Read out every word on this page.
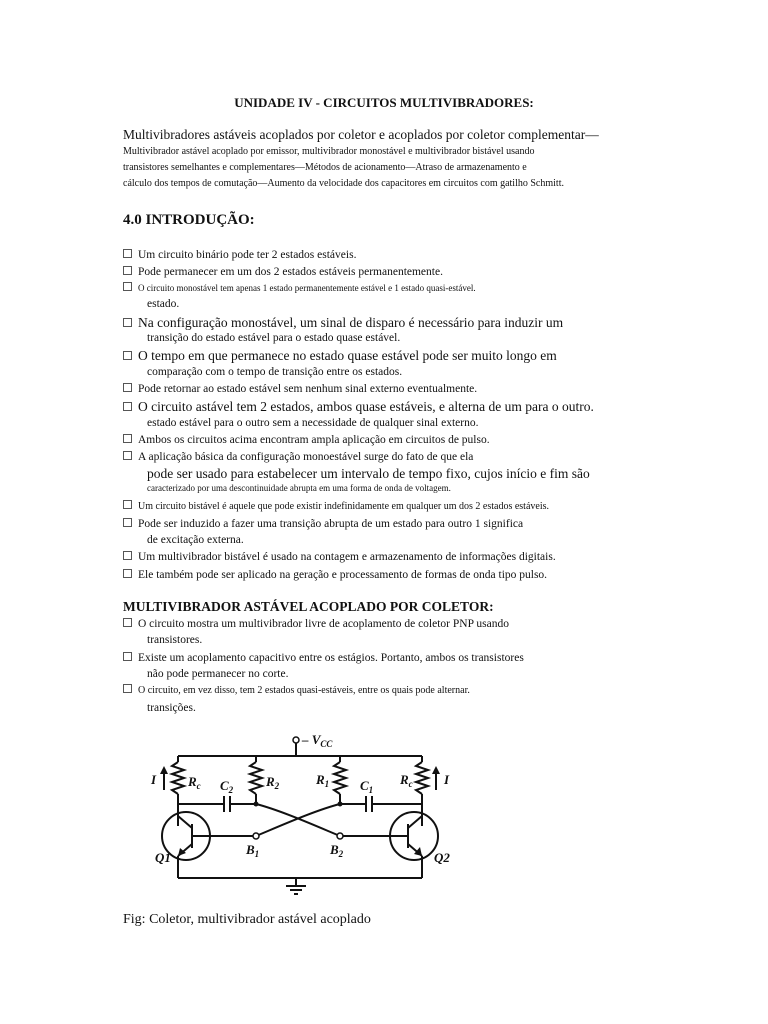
UNIDADE IV - CIRCUITOS MULTIVIBRADORES:
Multivibradores astáveis acoplados por coletor e acoplados por coletor complementar—
Multivibrador astável acoplado por emissor, multivibrador monostável e multivibrador bistável usando
transistores semelhantes e complementares—Métodos de acionamento—Atraso de armazenamento e
cálculo dos tempos de comutação—Aumento da velocidade dos capacitores em circuitos com gatilho Schmitt.
4.0 INTRODUÇÃO:
Um circuito binário pode ter 2 estados estáveis.
Pode permanecer em um dos 2 estados estáveis permanentemente.
O circuito monostável tem apenas 1 estado permanentemente estável e 1 estado quasi-estável.
estado.
Na configuração monostável, um sinal de disparo é necessário para induzir um
transição do estado estável para o estado quase estável.
O tempo em que permanece no estado quase estável pode ser muito longo em
comparação com o tempo de transição entre os estados.
Pode retornar ao estado estável sem nenhum sinal externo eventualmente.
O circuito astável tem 2 estados, ambos quase estáveis, e alterna de um para o outro.
estado estável para o outro sem a necessidade de qualquer sinal externo.
Ambos os circuitos acima encontram ampla aplicação em circuitos de pulso.
A aplicação básica da configuração monoestável surge do fato de que ela
pode ser usado para estabelecer um intervalo de tempo fixo, cujos início e fim são
caracterizado por uma descontinuidade abrupta em uma forma de onda de voltagem.
Um circuito bistável é aquele que pode existir indefinidamente em qualquer um dos 2 estados estáveis.
Pode ser induzido a fazer uma transição abrupta de um estado para outro 1 significa
de excitação externa.
Um multivibrador bistável é usado na contagem e armazenamento de informações digitais.
Ele também pode ser aplicado na geração e processamento de formas de onda tipo pulso.
MULTIVIBRADOR ASTÁVEL ACOPLADO POR COLETOR:
O circuito mostra um multivibrador livre de acoplamento de coletor PNP usando
transistores.
Existe um acoplamento capacitivo entre os estágios. Portanto, ambos os transistores
não pode permanecer no corte.
O circuito, em vez disso, tem 2 estados quasi-estáveis, entre os quais pode alternar.
transições.
– $V_{CC}$
I	I
$R_c$ $C_2$
$R_2$	$R_1$ $C_1$
$R_c$
$B_1$	$B_2$
Q1	Q2
Fig: Coletor, multivibrador astável acoplado
